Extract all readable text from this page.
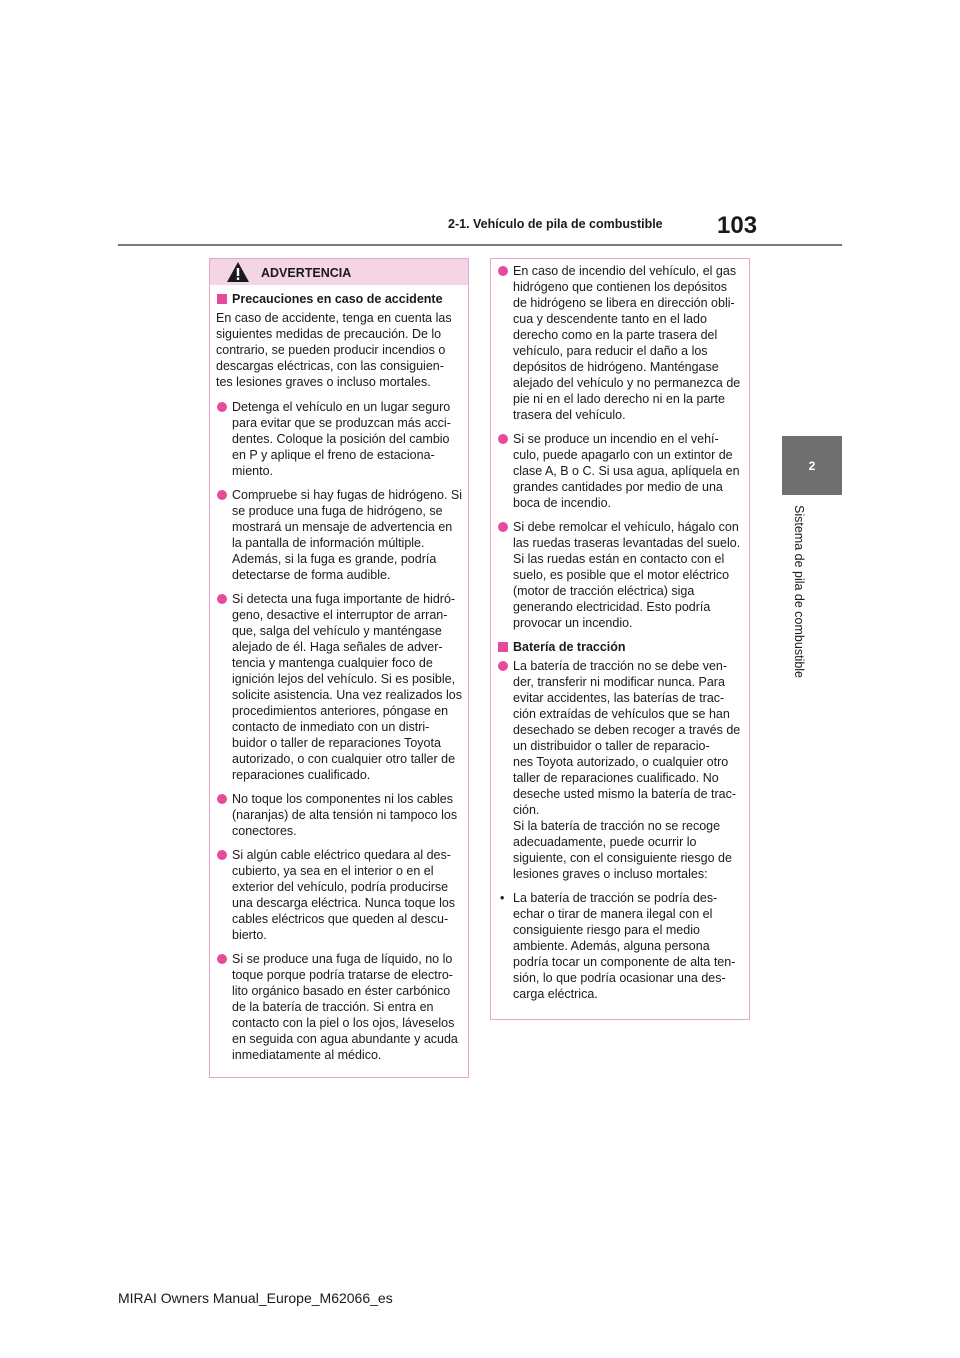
2-1. Vehículo de pila de combustible 103
2
Sistema de pila de combustible
ADVERTENCIA
Precauciones en caso de accidente
En caso de accidente, tenga en cuenta las siguientes medidas de precaución. De lo contrario, se pueden producir incendios o descargas eléctricas, con las consiguien-
tes lesiones graves o incluso mortales.
Detenga el vehículo en un lugar seguro para evitar que se produzcan más acci-
dentes. Coloque la posición del cambio en P y aplique el freno de estaciona-
miento.
Compruebe si hay fugas de hidrógeno. Si se produce una fuga de hidrógeno, se mostrará un mensaje de advertencia en la pantalla de información múltiple. Además, si la fuga es grande, podría detectarse de forma audible.
Si detecta una fuga importante de hidró-
geno, desactive el interruptor de arran-
que, salga del vehículo y manténgase alejado de él. Haga señales de adver-
tencia y mantenga cualquier foco de ignición lejos del vehículo. Si es posible, solicite asistencia. Una vez realizados los procedimientos anteriores, póngase en contacto de inmediato con un distri-
buidor o taller de reparaciones Toyota autorizado, o con cualquier otro taller de reparaciones cualificado.
No toque los componentes ni los cables (naranjas) de alta tensión ni tampoco los conectores.
Si algún cable eléctrico quedara al des-
cubierto, ya sea en el interior o en el exterior del vehículo, podría producirse una descarga eléctrica. Nunca toque los cables eléctricos que queden al descu-
bierto.
Si se produce una fuga de líquido, no lo toque porque podría tratarse de electro-
lito orgánico basado en éster carbónico de la batería de tracción. Si entra en contacto con la piel o los ojos, láveselos en seguida con agua abundante y acuda inmediatamente al médico.
En caso de incendio del vehículo, el gas hidrógeno que contienen los depósitos de hidrógeno se libera en dirección obli-
cua y descendente tanto en el lado derecho como en la parte trasera del vehículo, para reducir el daño a los depósitos de hidrógeno. Manténgase alejado del vehículo y no permanezca de pie ni en el lado derecho ni en la parte trasera del vehículo.
Si se produce un incendio en el vehí-
culo, puede apagarlo con un extintor de clase A, B o C. Si usa agua, aplíquela en grandes cantidades por medio de una boca de incendio.
Si debe remolcar el vehículo, hágalo con las ruedas traseras levantadas del suelo. Si las ruedas están en contacto con el suelo, es posible que el motor eléctrico (motor de tracción eléctrica) siga generando electricidad. Esto podría provocar un incendio.
Batería de tracción
La batería de tracción no se debe ven-
der, transferir ni modificar nunca. Para evitar accidentes, las baterías de trac-
ción extraídas de vehículos que se han desechado se deben recoger a través de un distribuidor o taller de reparacio-
nes Toyota autorizado, o cualquier otro taller de reparaciones cualificado. No deseche usted mismo la batería de trac-
ción.
Si la batería de tracción no se recoge adecuadamente, puede ocurrir lo siguiente, con el consiguiente riesgo de lesiones graves o incluso mortales:
• La batería de tracción se podría des-
echar o tirar de manera ilegal con el consiguiente riesgo para el medio ambiente. Además, alguna persona podría tocar un componente de alta ten-
sión, lo que podría ocasionar una des-
carga eléctrica.
MIRAI Owners Manual_Europe_M62066_es
